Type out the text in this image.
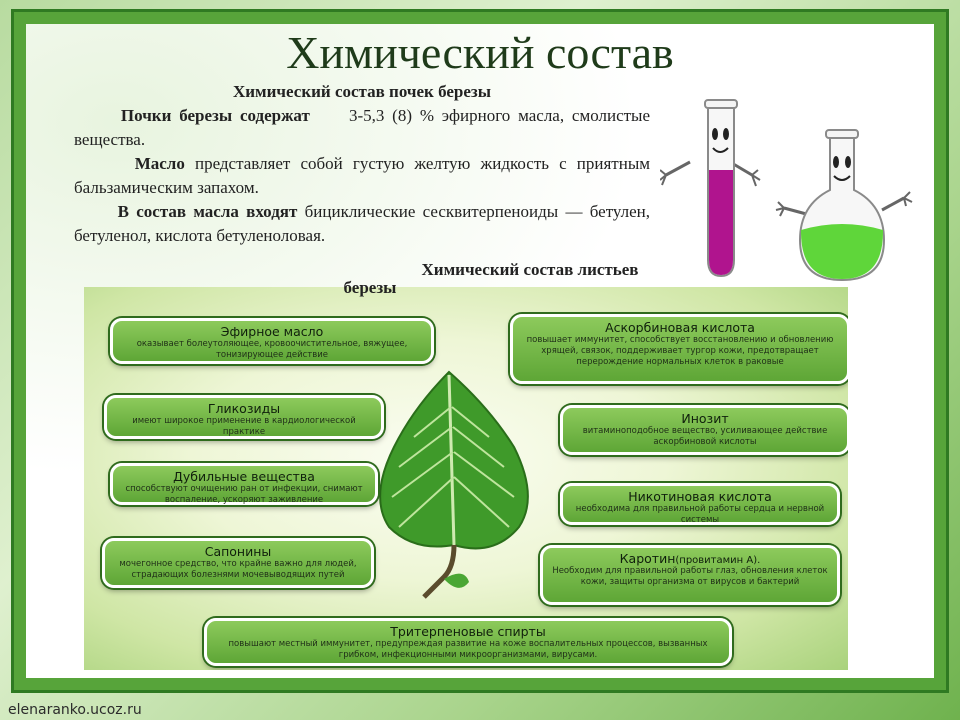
Химический состав
Химический состав почек березы
Почки березы содержат 3-5,3 (8) % эфирного масла, смолистые вещества.
Масло представляет собой густую желтую жидкость с приятным бальзамическим запахом.
В состав масла входят бициклические сесквитерпеноиды — бетулен, бетуленол, кислота бетуленоловая.
Эфирное масло
оказывает болеутоляющее, кровоочистительное, вяжущее, тонизирующее действие
Аскорбиновая кислота
повышает иммунитет, способствует восстановлению и обновлению хрящей, связок, поддерживает тургор кожи, предотвращает перерождение нормальных клеток в раковые
Гликозиды
имеют широкое применение в кардиологической практике
Инозит
витаминоподобное вещество, усиливающее действие аскорбиновой кислоты
Дубильные вещества
способствуют очищению ран от инфекции, снимают воспаление, ускоряют заживление	Никотиновая кислота
необходима для правильной работы сердца и нервной системы
Сапонины
мочегонное средство, что крайне важно для людей, страдающих болезнями мочевыводящих путей
Каротин(провитамин А).
Необходим для правильной работы глаз, обновления клеток кожи, защиты организма от вирусов и бактерий
Тритерпеновые спирты
повышают местный иммунитет, предупреждая развитие на коже воспалительных процессов, вызванных грибком, инфекционными микроорганизмами, вирусами.
Химический состав листьев
березы
elenaranko.ucoz.ru
